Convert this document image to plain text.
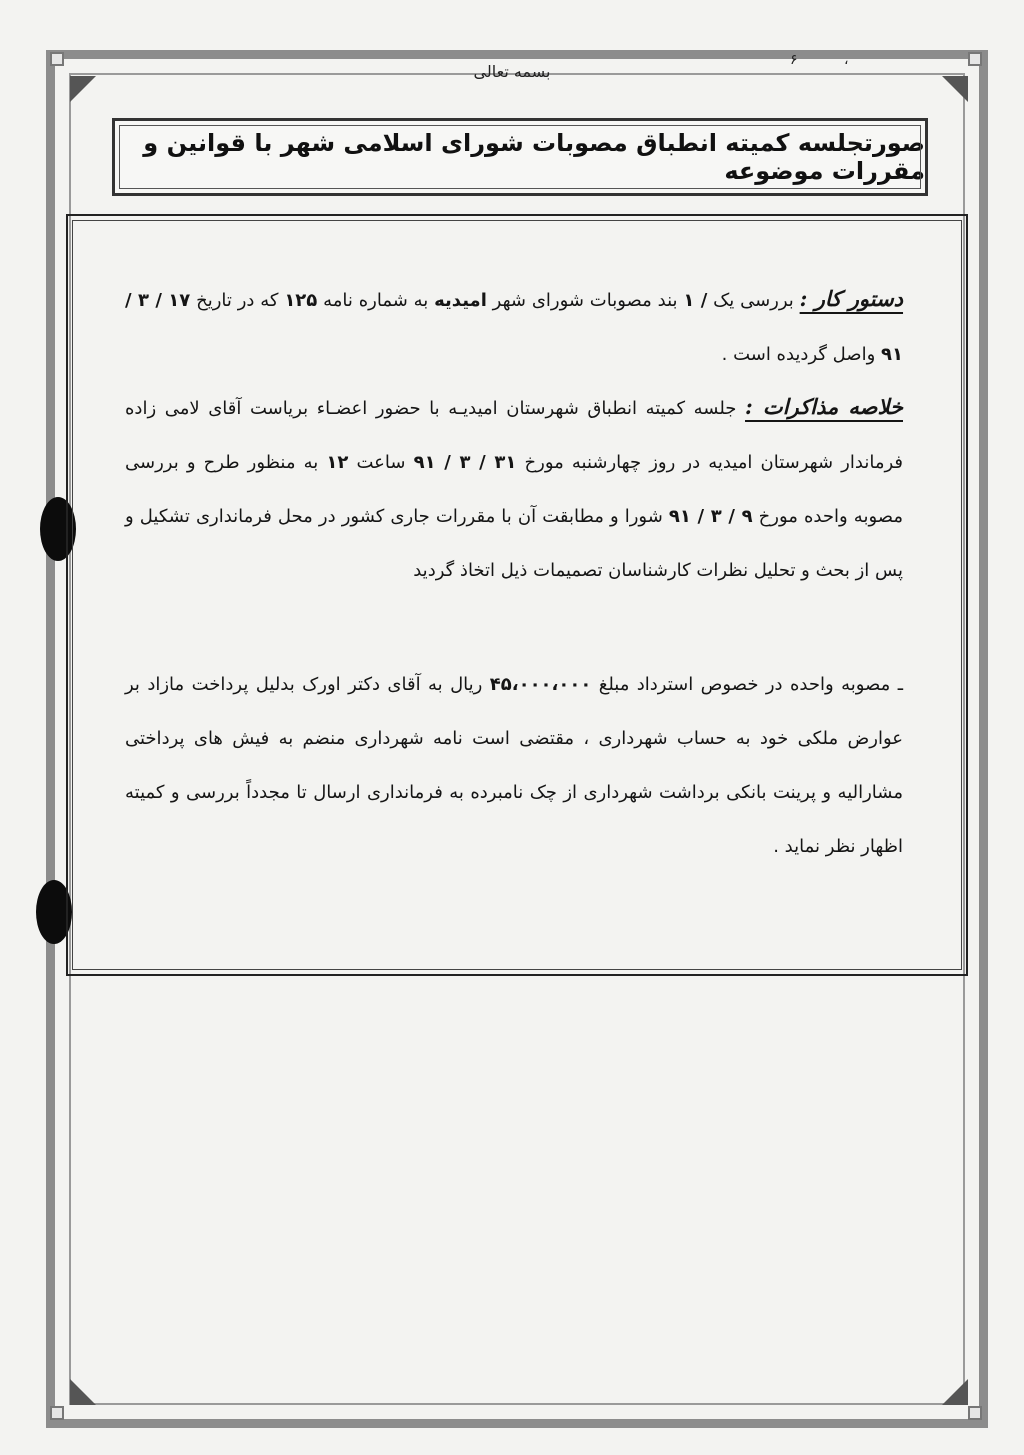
۶	،
بسمه تعالی
صورتجلسه کمیته انطباق مصوبات شورای اسلامی شهر با قوانین و مقررات موضوعه
دستور کار : بررسی یک / ۱ بند مصوبات شورای شهر امیدیه به شماره نامه ۱۲۵ که در تاریخ ۱۷ / ۳ / ۹۱ واصل گردیده است .
خلاصه مذاکرات : جلسه کمیته انطباق شهرستان امیدیـه با حضور اعضـاء بریاست آقای لامی زاده فرماندار شهرستان امیدیه در روز چهارشنبه مورخ ۳۱ / ۳ / ۹۱ ساعت ۱۲ به منظور طرح و بررسی مصوبه واحده مورخ ۹ / ۳ / ۹۱ شورا و مطابقت آن با مقررات جاری کشور در محل فرمانداری تشکیل و پس از بحث و تحلیل نظرات کارشناسان تصمیمات ذیل اتخاذ گردید
ـ مصوبه واحده در خصوص استرداد مبلغ ۴۵،۰۰۰،۰۰۰ ریال به آقای دکتر اورک بدلیل پرداخت مازاد بر عوارض ملکی خود به حساب شهرداری ، مقتضی است نامه شهرداری منضم به فیش های پرداختی مشارالیه و پرینت بانکی برداشت شهرداری از چک نامبرده به فرمانداری ارسال تا مجدداً بررسی و کمیته اظهار نظر نماید .
